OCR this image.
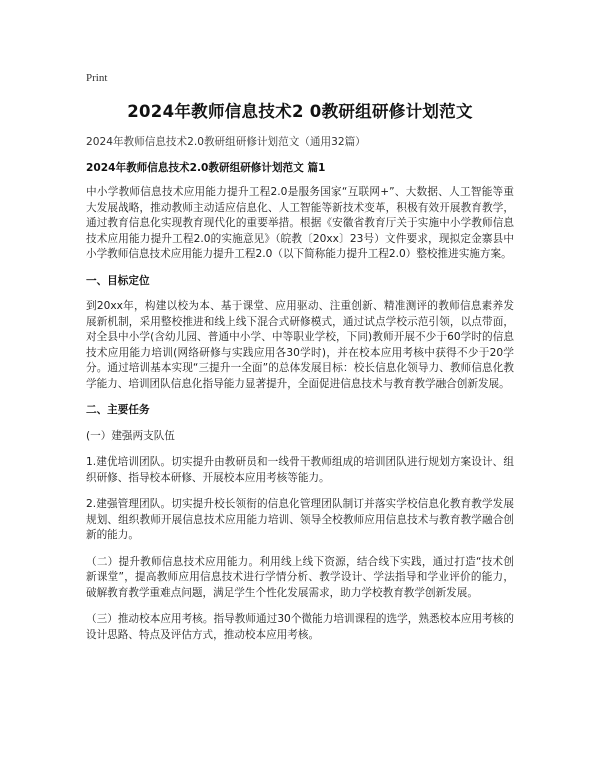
Print
2024年教师信息技术2 0教研组研修计划范文

2024年教师信息技术2.0教研组研修计划范文（通用32篇）

2024年教师信息技术2.0教研组研修计划范文 篇1

中小学教师信息技术应用能力提升工程2.0是服务国家“互联网+”、大数据、人工智能等重大发展战略，推动教师主动适应信息化、人工智能等新技术变革，积极有效开展教育教学，通过教育信息化实现教育现代化的重要举措。根据《安徽省教育厅关于实施中小学教师信息技术应用能力提升工程2.0的实施意见》（皖教〔20xx〕23号）文件要求，现拟定金寨县中小学教师信息技术应用能力提升工程2.0（以下简称能力提升工程2.0）整校推进实施方案。

一、目标定位

到20xx年，构建以校为本、基于课堂、应用驱动、注重创新、精准测评的教师信息素养发展新机制，采用整校推进和线上线下混合式研修模式，通过试点学校示范引领，以点带面，对全县中小学(含幼儿园、普通中小学、中等职业学校，下同)教师开展不少于60学时的信息技术应用能力培训(网络研修与实践应用各30学时)，并在校本应用考核中获得不少于20学分。通过培训基本实现“三提升一全面”的总体发展目标：校长信息化领导力、教师信息化教学能力、培训团队信息化指导能力显著提升，全面促进信息技术与教育教学融合创新发展。

二、主要任务

(一）建强两支队伍

1.建优培训团队。切实提升由教研员和一线骨干教师组成的培训团队进行规划方案设计、组织研修、指导校本研修、开展校本应用考核等能力。

2.建强管理团队。切实提升校长领衔的信息化管理团队制订并落实学校信息化教育教学发展规划、组织教师开展信息技术应用能力培训、领导全校教师应用信息技术与教育教学融合创新的能力。

（二）提升教师信息技术应用能力。利用线上线下资源，结合线下实践，通过打造“技术创新课堂”，提高教师应用信息技术进行学情分析、教学设计、学法指导和学业评价的能力，破解教育教学重难点问题，满足学生个性化发展需求，助力学校教育教学创新发展。

（三）推动校本应用考核。指导教师通过30个微能力培训课程的选学，熟悉校本应用考核的设计思路、特点及评估方式，推动校本应用考核。
